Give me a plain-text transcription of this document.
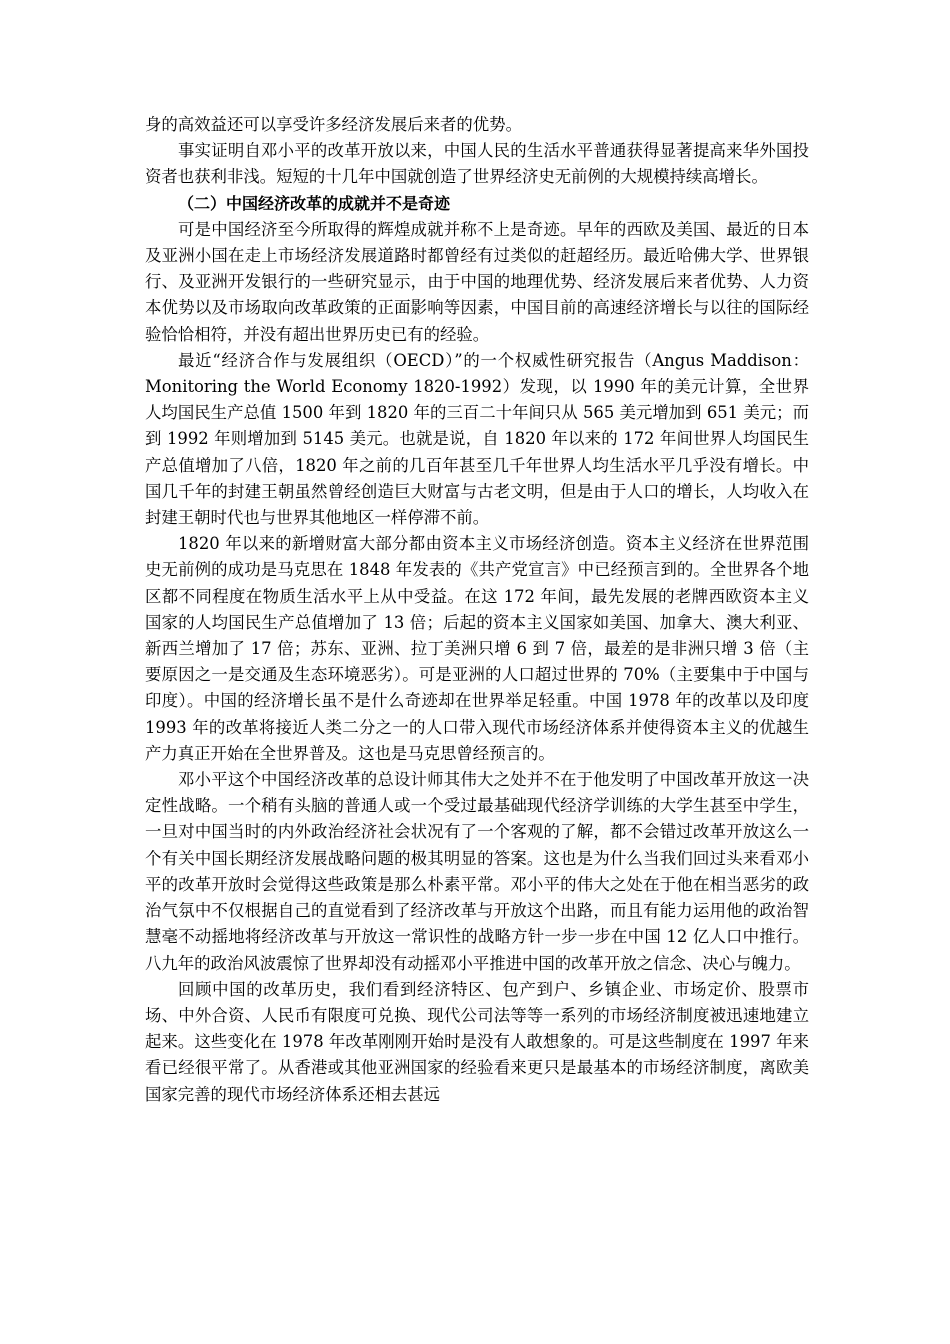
身的高效益还可以享受许多经济发展后来者的优势。

事实证明自邓小平的改革开放以来，中国人民的生活水平普通获得显著提高来华外国投资者也获利非浅。短短的十几年中国就创造了世界经济史无前例的大规模持续高增长。

（二）中国经济改革的成就并不是奇迹

可是中国经济至今所取得的辉煌成就并称不上是奇迹。早年的西欧及美国、最近的日本及亚洲小国在走上市场经济发展道路时都曾经有过类似的赶超经历。最近哈佛大学、世界银行、及亚洲开发银行的一些研究显示，由于中国的地理优势、经济发展后来者优势、人力资本优势以及市场取向改革政策的正面影响等因素，中国目前的高速经济增长与以往的国际经验恰恰相符，并没有超出世界历史已有的经验。

最近“经济合作与发展组织（OECD）”的一个权威性研究报告（Angus Maddison：Monitoring the World Economy 1820-1992）发现，以 1990 年的美元计算，全世界人均国民生产总值 1500 年到 1820 年的三百二十年间只从 565 美元增加到 651 美元；而到 1992 年则增加到 5145 美元。也就是说，自 1820 年以来的 172 年间世界人均国民生产总值增加了八倍，1820 年之前的几百年甚至几千年世界人均生活水平几乎没有增长。中国几千年的封建王朝虽然曾经创造巨大财富与古老文明，但是由于人口的增长，人均收入在封建王朝时代也与世界其他地区一样停滞不前。

1820 年以来的新增财富大部分都由资本主义市场经济创造。资本主义经济在世界范围史无前例的成功是马克思在 1848 年发表的《共产党宣言》中已经预言到的。全世界各个地区都不同程度在物质生活水平上从中受益。在这 172 年间，最先发展的老牌西欧资本主义国家的人均国民生产总值增加了 13 倍；后起的资本主义国家如美国、加拿大、澳大利亚、新西兰增加了 17 倍；苏东、亚洲、拉丁美洲只增 6 到 7 倍，最差的是非洲只增 3 倍（主要原因之一是交通及生态环境恶劣）。可是亚洲的人口超过世界的 70%（主要集中于中国与印度）。中国的经济增长虽不是什么奇迹却在世界举足轻重。中国 1978 年的改革以及印度 1993 年的改革将接近人类二分之一的人口带入现代市场经济体系并使得资本主义的优越生产力真正开始在全世界普及。这也是马克思曾经预言的。

邓小平这个中国经济改革的总设计师其伟大之处并不在于他发明了中国改革开放这一决定性战略。一个稍有头脑的普通人或一个受过最基础现代经济学训练的大学生甚至中学生，一旦对中国当时的内外政治经济社会状况有了一个客观的了解，都不会错过改革开放这么一个有关中国长期经济发展战略问题的极其明显的答案。这也是为什么当我们回过头来看邓小平的改革开放时会觉得这些政策是那么朴素平常。邓小平的伟大之处在于他在相当恶劣的政治气氛中不仅根据自己的直觉看到了经济改革与开放这个出路，而且有能力运用他的政治智慧毫不动摇地将经济改革与开放这一常识性的战略方针一步一步在中国 12 亿人口中推行。八九年的政治风波震惊了世界却没有动摇邓小平推进中国的改革开放之信念、决心与魄力。

回顾中国的改革历史，我们看到经济特区、包产到户、乡镇企业、市场定价、股票市场、中外合资、人民币有限度可兑换、现代公司法等等一系列的市场经济制度被迅速地建立起来。这些变化在 1978 年改革刚刚开始时是没有人敢想象的。可是这些制度在 1997 年来看已经很平常了。从香港或其他亚洲国家的经验看来更只是最基本的市场经济制度，离欧美国家完善的现代市场经济体系还相去甚远
